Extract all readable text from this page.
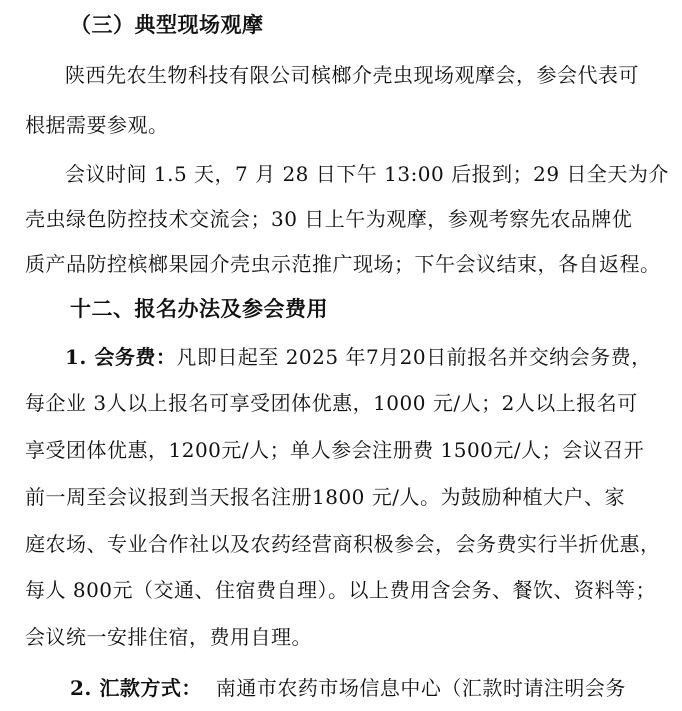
（三）典型现场观摩
陕西先农生物科技有限公司槟榔介壳虫现场观摩会，参会代表可
根据需要参观。
会议时间 1.5 天，7 月 28 日下午 13:00 后报到；29 日全天为介
壳虫绿色防控技术交流会；30 日上午为观摩，参观考察先农品牌优
质产品防控槟榔果园介壳虫示范推广现场；下午会议结束，各自返程。
十二、报名办法及参会费用
1. 会务费：凡即日起至 2025 年7月20日前报名并交纳会务费，
每企业 3人以上报名可享受团体优惠，1000 元/人；2人以上报名可
享受团体优惠，1200元/人；单人参会注册费 1500元/人；会议召开
前一周至会议报到当天报名注册1800 元/人。为鼓励种植大户、家
庭农场、专业合作社以及农药经营商积极参会，会务费实行半折优惠，
每人 800元（交通、住宿费自理）。以上费用含会务、餐饮、资料等；
会议统一安排住宿，费用自理。
2. 汇款方式： 南通市农药市场信息中心（汇款时请注明会务
